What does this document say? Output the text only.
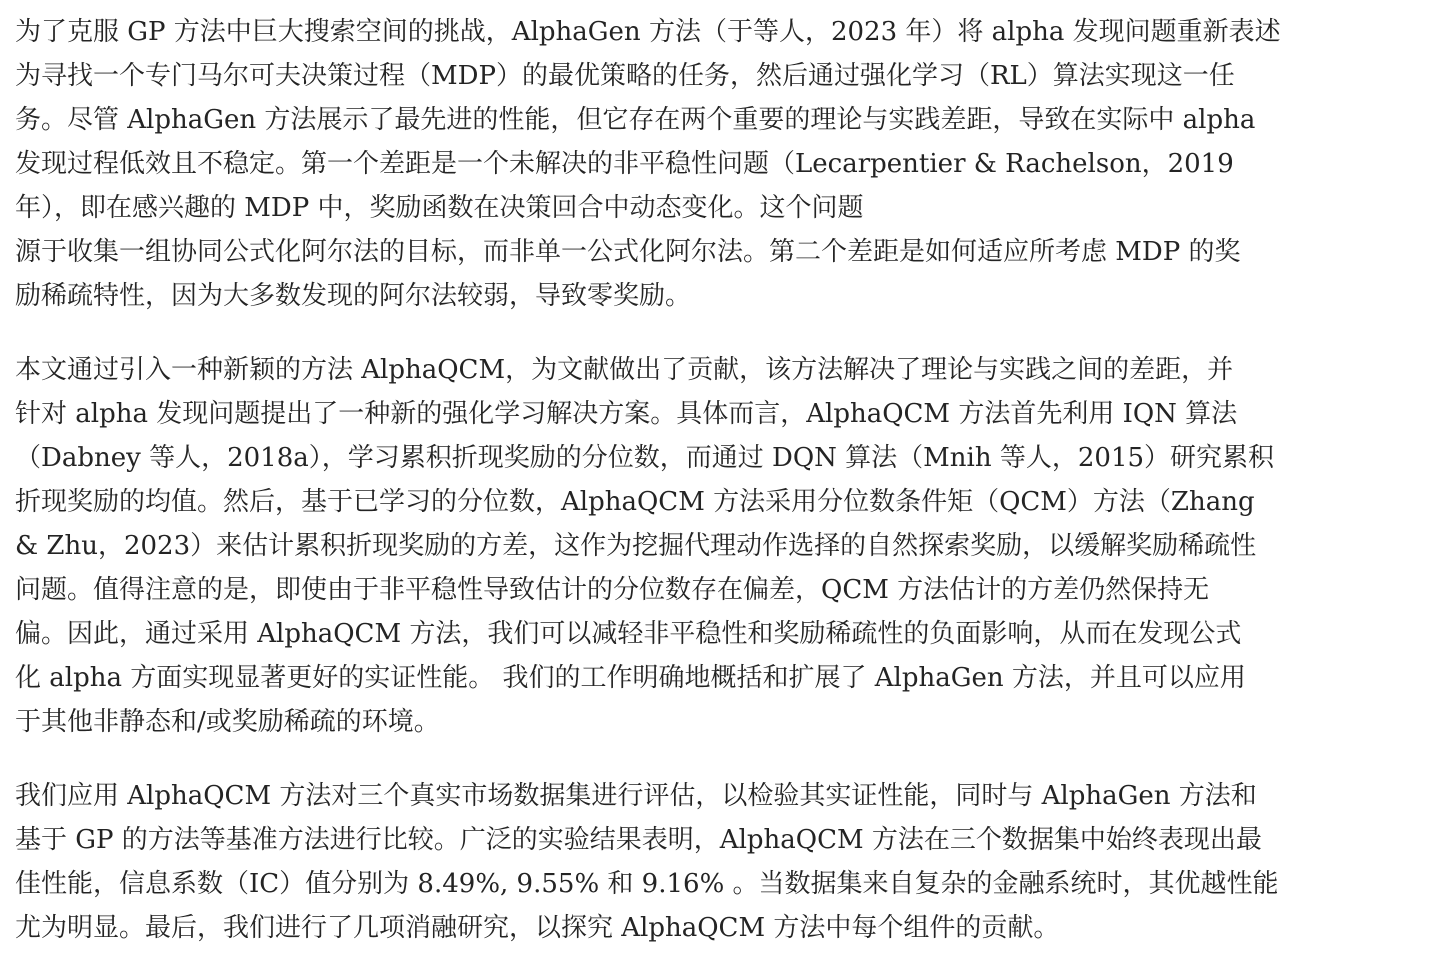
为了克服 GP 方法中巨大搜索空间的挑战，AlphaGen 方法（于等人，2023 年）将 alpha 发现问题重新表述
为寻找一个专门马尔可夫决策过程（MDP）的最优策略的任务，然后通过强化学习（RL）算法实现这一任
务。尽管 AlphaGen 方法展示了最先进的性能，但它存在两个重要的理论与实践差距，导致在实际中 alpha
发现过程低效且不稳定。第一个差距是一个未解决的非平稳性问题（Lecarpentier & Rachelson，2019
年），即在感兴趣的 MDP 中，奖励函数在决策回合中动态变化。这个问题
源于收集一组协同公式化阿尔法的目标，而非单一公式化阿尔法。第二个差距是如何适应所考虑 MDP 的奖
励稀疏特性，因为大多数发现的阿尔法较弱，导致零奖励。

本文通过引入一种新颖的方法 AlphaQCM，为文献做出了贡献，该方法解决了理论与实践之间的差距，并
针对 alpha 发现问题提出了一种新的强化学习解决方案。具体而言，AlphaQCM 方法首先利用 IQN 算法
（Dabney 等人，2018a），学习累积折现奖励的分位数，而通过 DQN 算法（Mnih 等人，2015）研究累积
折现奖励的均值。然后，基于已学习的分位数，AlphaQCM 方法采用分位数条件矩（QCM）方法（Zhang
& Zhu，2023）来估计累积折现奖励的方差，这作为挖掘代理动作选择的自然探索奖励，以缓解奖励稀疏性
问题。值得注意的是，即使由于非平稳性导致估计的分位数存在偏差，QCM 方法估计的方差仍然保持无
偏。因此，通过采用 AlphaQCM 方法，我们可以减轻非平稳性和奖励稀疏性的负面影响，从而在发现公式
化 alpha 方面实现显著更好的实证性能。 我们的工作明确地概括和扩展了 AlphaGen 方法，并且可以应用
于其他非静态和/或奖励稀疏的环境。

我们应用 AlphaQCM 方法对三个真实市场数据集进行评估，以检验其实证性能，同时与 AlphaGen 方法和
基于 GP 的方法等基准方法进行比较。广泛的实验结果表明，AlphaQCM 方法在三个数据集中始终表现出最
佳性能，信息系数（IC）值分别为 8.49%, 9.55% 和 9.16% 。当数据集来自复杂的金融系统时，其优越性能
尤为明显。最后，我们进行了几项消融研究，以探究 AlphaQCM 方法中每个组件的贡献。
